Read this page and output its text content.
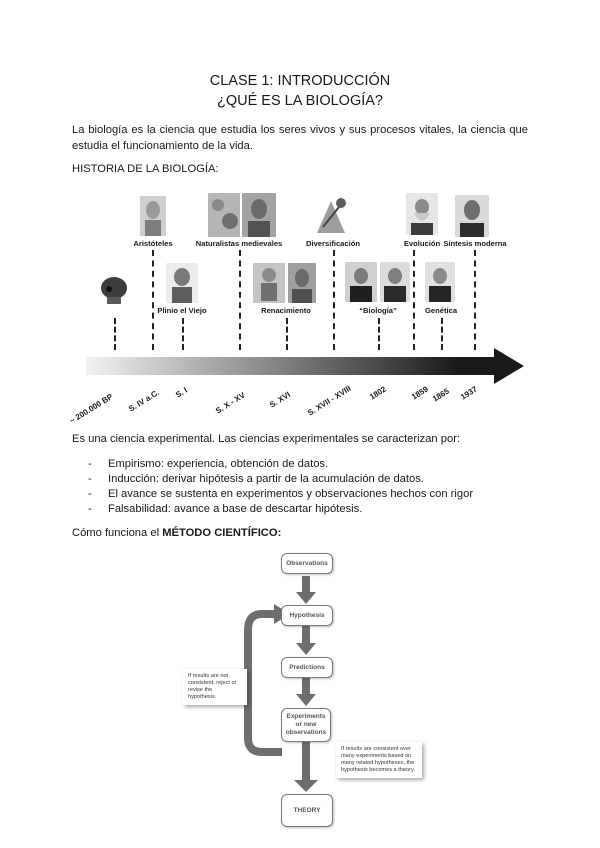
CLASE 1: INTRODUCCIÓN
¿QUÉ ES LA BIOLOGÍA?
La biología es la ciencia que estudia los seres vivos y sus procesos vitales, la ciencia que estudia el funcionamiento de la vida.
HISTORIA DE LA BIOLOGÍA:
Aristóteles	Naturalistas medievales	Diversificación	Evolución Síntesis moderna
Plinio el Viejo	Renacimiento	“Biología”	Genética
~ 200.000 BP S. IV a.C. S. I	S. X - XV	S. XVI S. XVII - XVIII 1802	1859 1865 1937
Es una ciencia experimental. Las ciencias experimentales se caracterizan por:
- Empirismo: experiencia, obtención de datos.
- Inducción: derivar hipótesis a partir de la acumulación de datos.
- El avance se sustenta en experimentos y observaciones hechos con rigor
- Falsabilidad: avance a base de descartar hipótesis.
Cómo funciona el MÉTODO CIENTÍFICO:
Observations
Hypothesis
Predictions
Experiments or new observations
THEORY
If results are not consistent, reject or revise the hypothesis.
If results are consistent over many experiments based on many related hypotheses, the hypothesis becomes a theory.
